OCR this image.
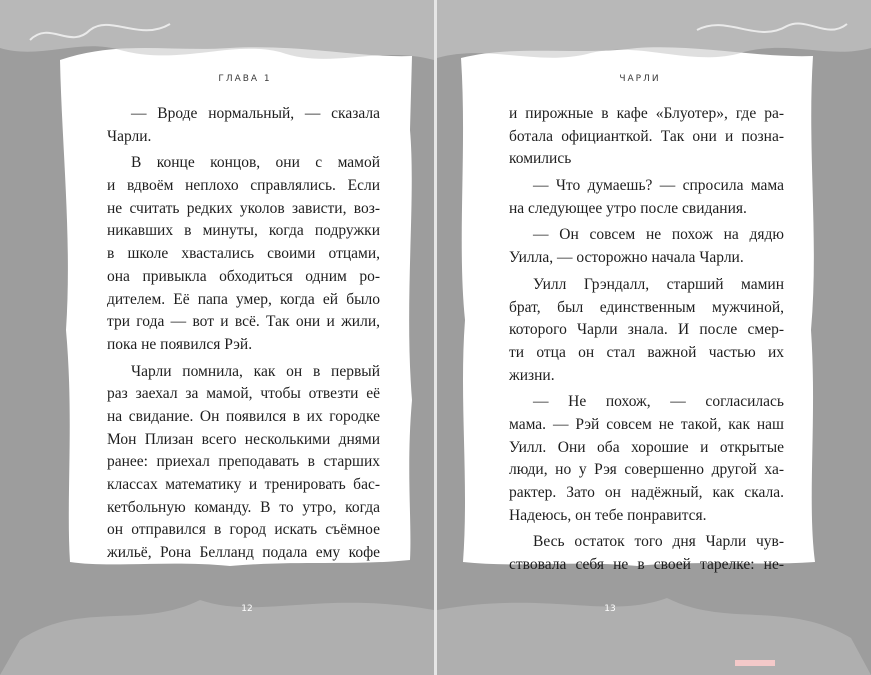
ГЛАВА 1
— Вроде нормальный, — сказала
Чарли.
В конце концов, они с мамой
и вдвоём неплохо справлялись. Если
не считать редких уколов зависти, воз-
никавших в минуты, когда подружки
в школе хвастались своими отцами,
она привыкла обходиться одним ро-
дителем. Её папа умер, когда ей было
три года — вот и всё. Так они и жили,
пока не появился Рэй.
Чарли помнила, как он в первый
раз заехал за мамой, чтобы отвезти её
на свидание. Он появился в их городке
Мон Плизан всего несколькими днями
ранее: приехал преподавать в старших
классах математику и тренировать бас-
кетбольную команду. В то утро, когда
он отправился в город искать съёмное
жильё, Рона Белланд подала ему кофе
12
ЧАРЛИ
и пирожные в кафе «Блуотер», где ра-
ботала официанткой. Так они и позна-
комились
— Что думаешь? — спросила мама
на следующее утро после свидания.
— Он совсем не похож на дядю
Уилла, — осторожно начала Чарли.
Уилл Грэндалл, старший мамин
брат, был единственным мужчиной,
которого Чарли знала. И после смер-
ти отца он стал важной частью их
жизни.
— Не похож, — согласилась
мама. — Рэй совсем не такой, как наш
Уилл. Они оба хорошие и открытые
люди, но у Рэя совершенно другой ха-
рактер. Зато он надёжный, как скала.
Надеюсь, он тебе понравится.
Весь остаток того дня Чарли чув-
ствовала себя не в своей тарелке: не-
13
